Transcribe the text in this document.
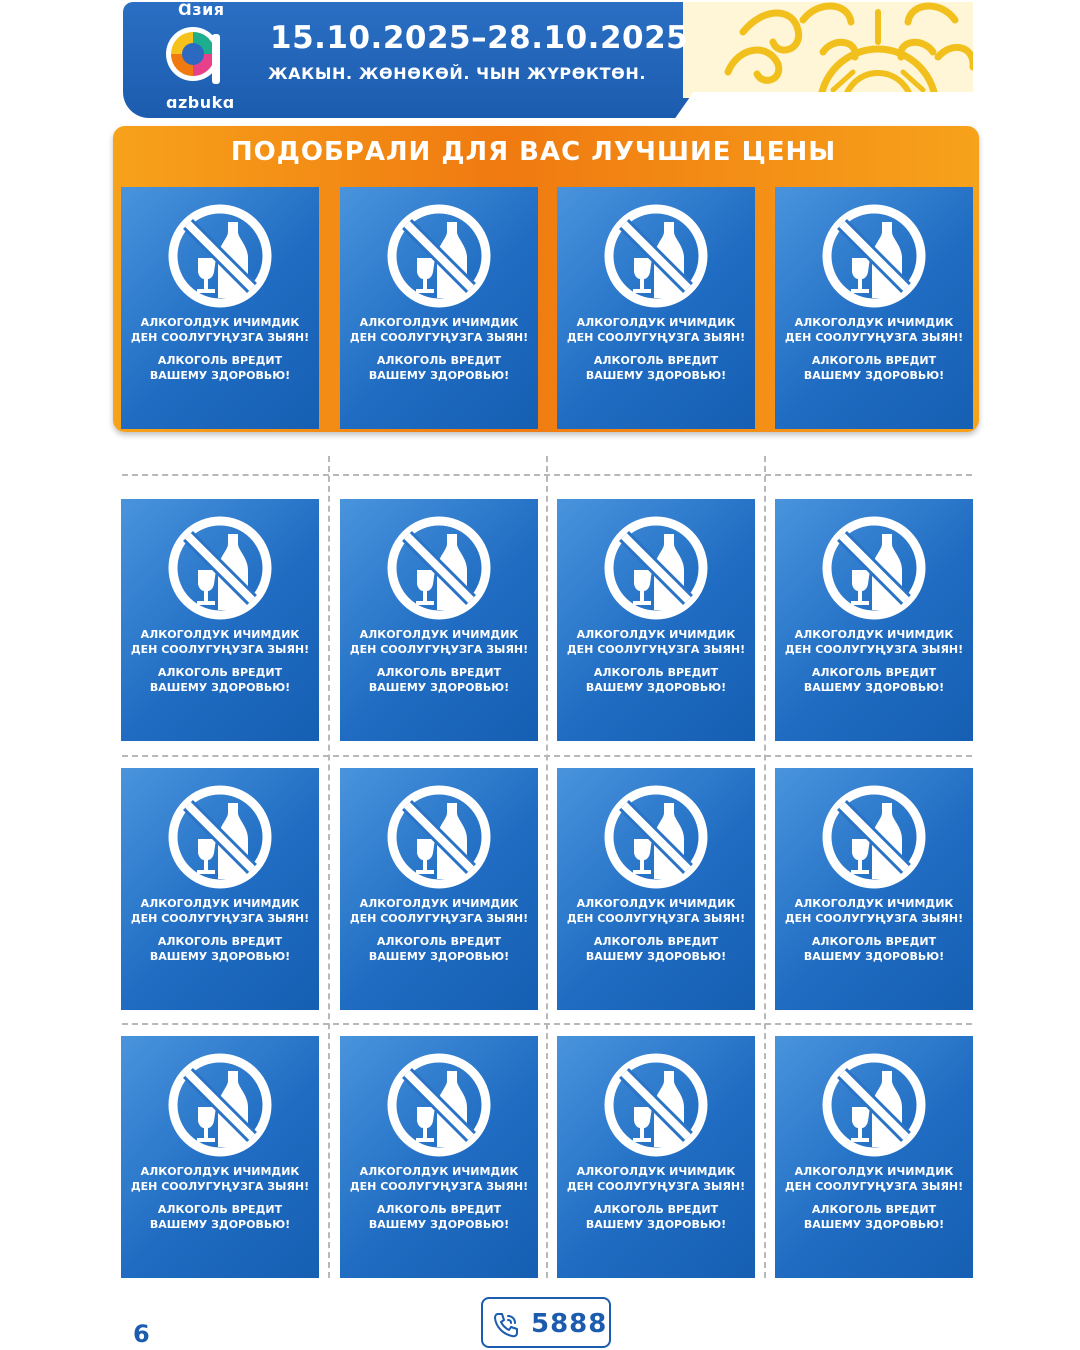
Ɑзия
ɑzbukɑ
15.10.2025–28.10.2025
ЖАКЫН. ЖӨНӨКӨЙ. ЧЫН ЖҮРӨКТӨН.
ПОДОБРАЛИ ДЛЯ ВАС ЛУЧШИЕ ЦЕНЫ
АЛКОГОЛДУК ИЧИМДИК
ДЕН СООЛУГУҢУЗГА ЗЫЯН!
АЛКОГОЛЬ ВРЕДИТ
ВАШЕМУ ЗДОРОВЬЮ!
АЛКОГОЛДУК ИЧИМДИК
ДЕН СООЛУГУҢУЗГА ЗЫЯН!
АЛКОГОЛЬ ВРЕДИТ
ВАШЕМУ ЗДОРОВЬЮ!
АЛКОГОЛДУК ИЧИМДИК
ДЕН СООЛУГУҢУЗГА ЗЫЯН!
АЛКОГОЛЬ ВРЕДИТ
ВАШЕМУ ЗДОРОВЬЮ!
АЛКОГОЛДУК ИЧИМДИК
ДЕН СООЛУГУҢУЗГА ЗЫЯН!
АЛКОГОЛЬ ВРЕДИТ
ВАШЕМУ ЗДОРОВЬЮ!
АЛКОГОЛДУК ИЧИМДИК
ДЕН СООЛУГУҢУЗГА ЗЫЯН!
АЛКОГОЛЬ ВРЕДИТ
ВАШЕМУ ЗДОРОВЬЮ!
АЛКОГОЛДУК ИЧИМДИК
ДЕН СООЛУГУҢУЗГА ЗЫЯН!
АЛКОГОЛЬ ВРЕДИТ
ВАШЕМУ ЗДОРОВЬЮ!
АЛКОГОЛДУК ИЧИМДИК
ДЕН СООЛУГУҢУЗГА ЗЫЯН!
АЛКОГОЛЬ ВРЕДИТ
ВАШЕМУ ЗДОРОВЬЮ!
АЛКОГОЛДУК ИЧИМДИК
ДЕН СООЛУГУҢУЗГА ЗЫЯН!
АЛКОГОЛЬ ВРЕДИТ
ВАШЕМУ ЗДОРОВЬЮ!
АЛКОГОЛДУК ИЧИМДИК
ДЕН СООЛУГУҢУЗГА ЗЫЯН!
АЛКОГОЛЬ ВРЕДИТ
ВАШЕМУ ЗДОРОВЬЮ!
АЛКОГОЛДУК ИЧИМДИК
ДЕН СООЛУГУҢУЗГА ЗЫЯН!
АЛКОГОЛЬ ВРЕДИТ
ВАШЕМУ ЗДОРОВЬЮ!
АЛКОГОЛДУК ИЧИМДИК
ДЕН СООЛУГУҢУЗГА ЗЫЯН!
АЛКОГОЛЬ ВРЕДИТ
ВАШЕМУ ЗДОРОВЬЮ!
АЛКОГОЛДУК ИЧИМДИК
ДЕН СООЛУГУҢУЗГА ЗЫЯН!
АЛКОГОЛЬ ВРЕДИТ
ВАШЕМУ ЗДОРОВЬЮ!
АЛКОГОЛДУК ИЧИМДИК
ДЕН СООЛУГУҢУЗГА ЗЫЯН!
АЛКОГОЛЬ ВРЕДИТ
ВАШЕМУ ЗДОРОВЬЮ!
АЛКОГОЛДУК ИЧИМДИК
ДЕН СООЛУГУҢУЗГА ЗЫЯН!
АЛКОГОЛЬ ВРЕДИТ
ВАШЕМУ ЗДОРОВЬЮ!
АЛКОГОЛДУК ИЧИМДИК
ДЕН СООЛУГУҢУЗГА ЗЫЯН!
АЛКОГОЛЬ ВРЕДИТ
ВАШЕМУ ЗДОРОВЬЮ!
АЛКОГОЛДУК ИЧИМДИК
ДЕН СООЛУГУҢУЗГА ЗЫЯН!
АЛКОГОЛЬ ВРЕДИТ
ВАШЕМУ ЗДОРОВЬЮ!
6	5888
